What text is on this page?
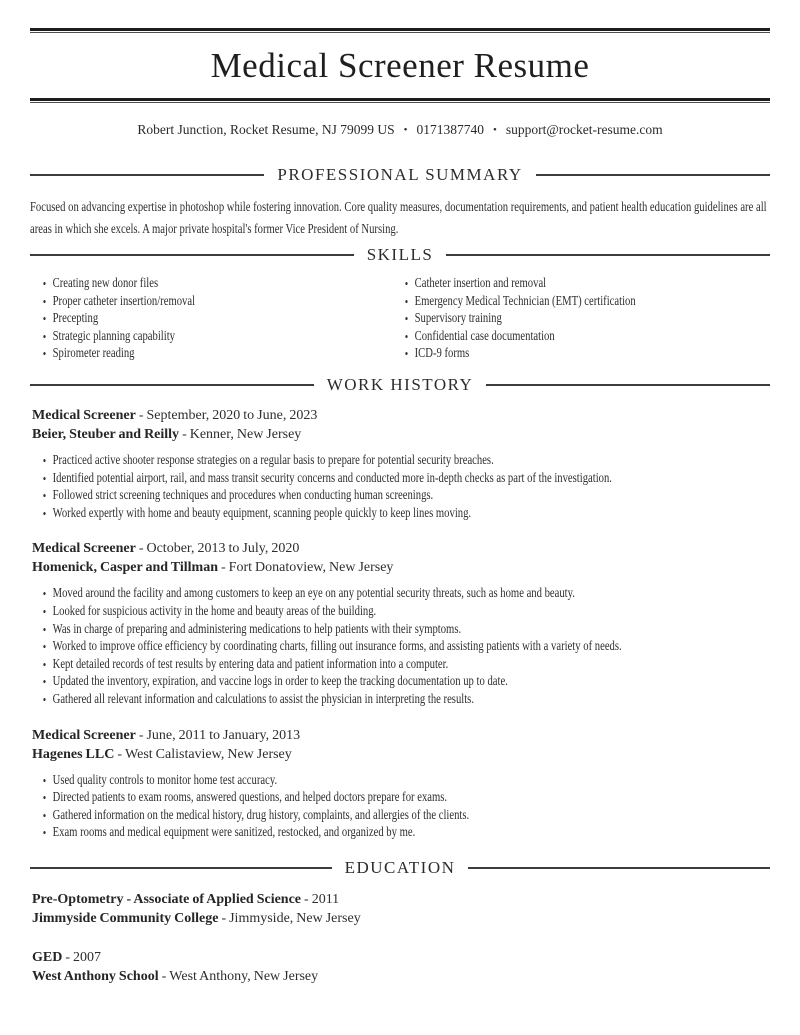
Medical Screener Resume
Robert Junction, Rocket Resume, NJ 79099 US • 0171387740 • support@rocket-resume.com
PROFESSIONAL SUMMARY

Focused on advancing expertise in photoshop while fostering innovation. Core quality measures, documentation requirements, and patient health education guidelines are all areas in which she excels. A major private hospital's former Vice President of Nursing.

SKILLS
• Creating new donor files
• Proper catheter insertion/removal
• Precepting
• Strategic planning capability
• Spirometer reading
• Catheter insertion and removal
• Emergency Medical Technician (EMT) certification
• Supervisory training
• Confidential case documentation
• ICD-9 forms
WORK HISTORY
Medical Screener - September, 2020 to June, 2023
Beier, Steuber and Reilly - Kenner, New Jersey
• Practiced active shooter response strategies on a regular basis to prepare for potential security breaches.
• Identified potential airport, rail, and mass transit security concerns and conducted more in-depth checks as part of the investigation.
• Followed strict screening techniques and procedures when conducting human screenings.
• Worked expertly with home and beauty equipment, scanning people quickly to keep lines moving.
Medical Screener - October, 2013 to July, 2020
Homenick, Casper and Tillman - Fort Donatoview, New Jersey
• Moved around the facility and among customers to keep an eye on any potential security threats, such as home and beauty.
• Looked for suspicious activity in the home and beauty areas of the building.
• Was in charge of preparing and administering medications to help patients with their symptoms.
• Worked to improve office efficiency by coordinating charts, filling out insurance forms, and assisting patients with a variety of needs.
• Kept detailed records of test results by entering data and patient information into a computer.
• Updated the inventory, expiration, and vaccine logs in order to keep the tracking documentation up to date.
• Gathered all relevant information and calculations to assist the physician in interpreting the results.
Medical Screener - June, 2011 to January, 2013
Hagenes LLC - West Calistaview, New Jersey
• Used quality controls to monitor home test accuracy.
• Directed patients to exam rooms, answered questions, and helped doctors prepare for exams.
• Gathered information on the medical history, drug history, complaints, and allergies of the clients.
• Exam rooms and medical equipment were sanitized, restocked, and organized by me.
EDUCATION
Pre-Optometry - Associate of Applied Science - 2011
Jimmyside Community College - Jimmyside, New Jersey
GED - 2007
West Anthony School - West Anthony, New Jersey
